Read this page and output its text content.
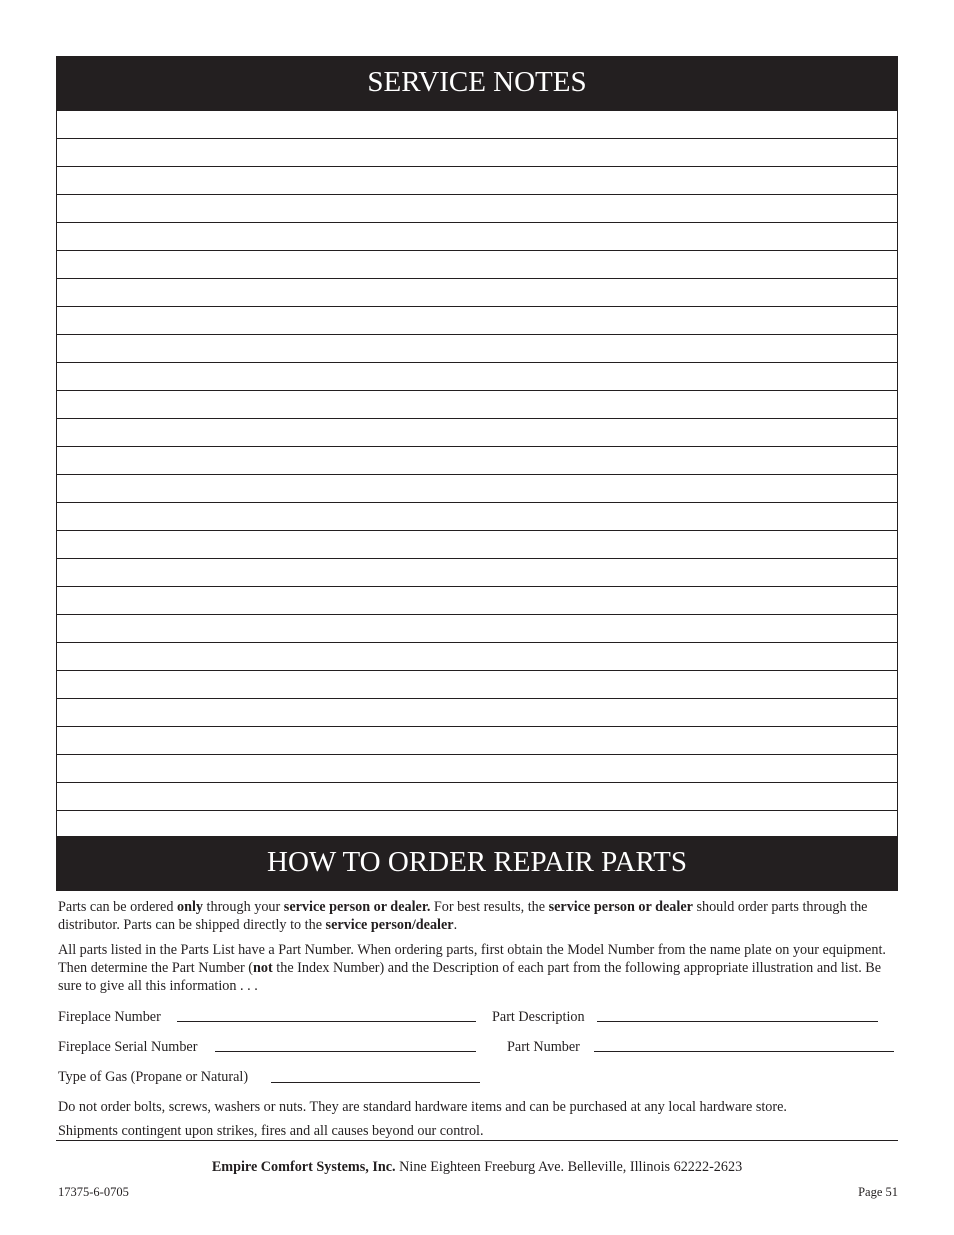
SERVICE NOTES
HOW TO ORDER REPAIR PARTS
Parts can be ordered only through your service person or dealer. For best results, the service person or dealer should order parts through the distributor. Parts can be shipped directly to the service person/dealer.
All parts listed in the Parts List have a Part Number. When ordering parts, first obtain the Model Number from the name plate on your equipment. Then determine the Part Number (not the Index Number) and the Description of each part from the following appropriate illustration and list. Be sure to give all this information . . .
Fireplace Number	Part Description
Fireplace Serial Number	Part Number
Type of Gas (Propane or Natural)
Do not order bolts, screws, washers or nuts. They are standard hardware items and can be purchased at any local hardware store.
Shipments contingent upon strikes, fires and all causes beyond our control.
Empire Comfort Systems, Inc. Nine Eighteen Freeburg Ave. Belleville, Illinois 62222-2623
17375-6-0705	Page 51
